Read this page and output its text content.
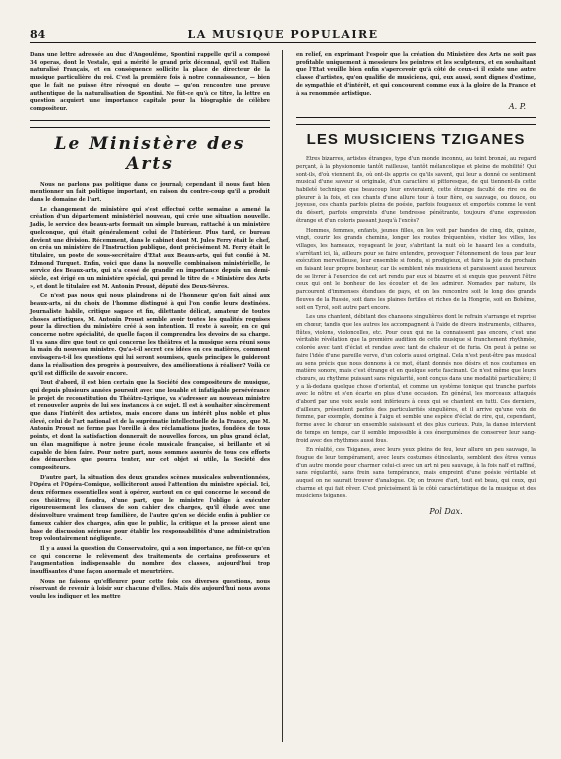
84	LA MUSIQUE POPULAIRE

Dans une lettre adressée au duc d'Angoulême, Spontini rappelle qu'il a composé 34 operas, dont le Vestale, qui a mérité le grand prix décennal, qu'il est Italien naturalisé Français, et en conséquence sollicite la place de directeur de la musique particulière du roi. C'est la première fois à notre connaissance, — bien que le fait ne puisse être révoqué en doute — qu'on rencontre une preuve authentique de la naturalisation de Spontini. Ne fût-ce qu'à ce titre, la lettre en question acquiert une importance capitale pour la biographie de célèbre compositeur.

Le Ministère des Arts

Nous ne parlons pas politique dans ce journal; cependant il nous faut bien mentionner un fait politique important, en raison du contre-coup qu'il a produit dans le domaine de l'art.

Le changement de ministère qui s'est effectué cette semaine a amené la création d'un département ministériel nouveau, qui crée une situation nouvelle. Jadis, le service des beaux-arts formait un simple bureau, rattaché à un ministère quelconque, qui était généralement celui de l'Intérieur. Plus tard, ce bureau devient une division. Récemment, dans le cabinet dont M. Jules Ferry était le chef, on créa un ministère de l'Instruction publique, dont précisément M. Ferry était le titulaire, un poste de sous-secrétaire d'Etat aux Beaux-arts, qui fut confié à M. Edmond Turquet. Enfin, voici que dans la nouvelle combinaison ministérielle, le service des Beaux-arts, qui n'a cessé de grandir en importance depuis un demi-siècle, est érigé en un ministère spécial, qui prend le titre de « Ministère des Arts », et dont le titulaire est M. Antonin Proust, député des Deux-Sèvres.

Ce n'est pas nous qui nous plaindrons ni de l'honneur qu'on fait ainsi aux beaux-arts, ni du choix de l'homme distingué à qui l'on confie leurs destinées. Journaliste habile, critique sagace et fin, dilettante délicat, amateur de toutes choses artistiques, M. Antonin Proust semble avoir toutes les qualités requises pour la direction du ministère créé à son intention. Il reste à savoir, en ce qui concerne notre spécialité, de quelle façon il comprendra les devoirs de sa charge. Il va sans dire que tout ce qui concerne les théâtres et la musique sera réuni sous la main du nouveau ministre. Qu'a-t-il secret ces idées en ces matières, comment envisagera-t-il les questions qui lui seront soumises, quels principes le guideront dans la réalisation des progrès à poursuivre, des améliorations à réaliser? Voilà ce qu'il est difficile de savoir encore.

Tout d'abord, il est bien certain que la Société des compositeurs de musique, qui depuis plusieurs années poursuit avec une louable et infatigable persévérance le projet de reconstitution du Théâtre-Lyrique, va s'adresser au nouveau ministre et renouveler auprès de lui ses instances à ce sujet. Il est à souhaiter sincèrement que dans l'intérêt des artistes, mais encore dans un intérêt plus noble et plus élevé, celui de l'art national et de la suprématie intellectuelle de la France, que M. Antonin Proust ne ferme pas l'oreille à des réclamations justes, fondées de tous points, et dont la satisfaction donnerait de nouvelles forces, un plus grand éclat, un élan magnifique à notre jeune école musicale française, si brillante et si capable de bien faire. Pour notre part, nous sommes assurés de tous ces efforts des démarches que pourra tenter, sur cet objet si utile, la Société des compositeurs.

D'autre part, la situation des deux grandes scènes musicales subventionnées, l'Opéra et l'Opéra-Comique, solliciteront aussi l'attention du ministre spécial. Ici, deux réformes essentielles sont à opérer, surtout en ce qui concerne le second de ces théâtres; il faudra, d'une part, que le ministre l'oblige à exécuter rigoureusement les clauses de son cahier des charges, qu'il élude avec une désinvolture vraiment trop familière, de l'autre qu'en se décide enfin à publier ce fameux cahier des charges, afin que le public, la critique et la presse aient une base de discussion sérieuse pour établir les responsabilités d'une administration trop volontairement négligente.

Il y a aussi la question du Conservatoire, qui a son importance, ne fût-ce qu'en ce qui concerne le relèvement des traitements de certains professeurs et l'augmentation indispensable du nombre des classes, aujourd'hui trop insuffisantes d'une façon anormale et meurtrière.

Nous ne faisons qu'effleurer pour cette fois ces diverses questions, nous réservant de revenir à loisir sur chacune d'elles. Mais dès aujourd'hui nous avons voulu les indiquer et les mettre

en relief, en exprimant l'espoir que la création du Ministère des Arts ne soit pas profitable uniquement à messieurs les peintres et les sculpteurs, et en souhaitant que l'Etat veuille bien enfin s'apercevoir qu'à côté de ceux-ci il existe une autre classe d'artistes, qu'on qualifie de musiciens, qui, eux aussi, sont dignes d'estime, de sympathie et d'intérêt, et qui concourent comme eux à la gloire de la France et à sa renommée artistique.

A. P.
LES MUSICIENS TZIGANES

Etres bizarres, artistes étranges, type d'un monde inconnu, au teint bronzé, au regard perçant, à la physionomie tantôt railleuse, tantôt mélancolique et pleine de mobilité! Qui sont-ils, d'où viennent ils, où ont-ils appris ce qu'ils savent, qui leur a donné ce sentiment musical d'une saveur si originale, d'un caractère si pittoresque, de qui tiennent-ils cette habileté technique que beaucoup leur envieraient, cette étrange faculté de rire ou de pleurer à la fois, et ces chants d'une allure tour à tour fière, ou sauvage, ou douce, ou joyeuse, ces chants parfois pleins de poésie, parfois fougueux et emportés comme le vent du désert, parfois empreints d'une tendresse pénétrante, toujours d'une expression étrange et d'un coloris passant jusqu'à l'excès?

Hommes, femmes, enfants, jeunes filles, on les voit par bandes de cinq, dix, quinze, vingt, courir les grands chemins, longer les routes fréquentées, visiter les villes, les villages, les hameaux, voyageant le jour, s'abritant la nuit où le hasard les a conduits, s'arrêtant ici, là, ailleurs pour se faire entendre, provoquer l'étonnement de tous par leur exécution merveilleuse, leur ensemble si fondu, si prodigieux, et faire la joie du prochain en faisant leur propre bonheur, car ils semblent nés musiciens et paraissent aussi heureux de se livrer à l'exercice de cet art rendu par eux si bizarre et si exquis que peuvent l'être ceux qui ont le bonheur de les écouter et de les admirer. Nomades par nature, ils parcourent d'immenses étendues de pays, et on les rencontre soit le long des grands fleuves de la Russie, soit dans les plaines fertiles et riches de la Hongrie, soit en Bohême, soit en Tyrol, soit autre part encore.

Les uns chantent, débitant des chansons singulières dont le refrain s'arrange et reprise en chœur, tandis que les autres les accompagnent à l'aide de divers instruments, cithares, flûtes, violons, violoncelles, etc. Pour ceux qui ne la connaissent pas encore, c'est une véritable révélation que la première audition de cette musique si franchement rhythmée, colorée avec tant d'éclat et rendue avec tant de chaleur et de furia. On peut à peine se faire l'idée d'une pareille verve, d'un coloris aussi original. Cela n'est peut-être pas musical au sens précis que nous donnons à ce mot, étant donnés nos désirs et nos coutumes en matière sonore, mais c'est étrange et en quelque sorte fascinant. Ce n'est même que leurs chœurs, au rhythme puissant sans régularité, sont conçus dans une modalité particulière; il y a là-dedans quelque chose d'oriental, et comme un système tonique qui tranche parfois avec le nôtre et s'en écarte en plus d'une occasion. En général, les morceaux attaqués d'abord par une voix seule sont inférieurs à ceux qui se chantent en tutti. Ces derniers, d'ailleurs, présentent parfois des particularités singulières, et il arrive qu'une voix de femme, par exemple, domine à l'aigu et semble une espèce d'éclat de rire, qui, cependant, forme avec le chœur un ensemble saisissant et des plus curieux. Puis, la danse intervient de temps en temps, car il semble impossible à ces énergumènes de conserver leur sang-froid avec des rhythmes aussi fous.

En réalité, ces Tsiganes, avec leurs yeux pleins de feu, leur allure un peu sauvage, la fougue de leur tempérament, avec leurs costumes étincelants, semblent des êtres venus d'un autre monde pour charmer celui-ci avec un art ni peu sauvage, à la fois naïf et raffiné, sans régularité, sans frein sans tempérance, mais empreint d'une poésie véritable et auquel on ne saurait trouver d'analogue. Or, on trouve d'art, tout est beau, qui ceux, qui charme et qui fait rêver. C'est précisément là le côté caractéristique de la musique et des musiciens tsiganes.

Pol Dax.
